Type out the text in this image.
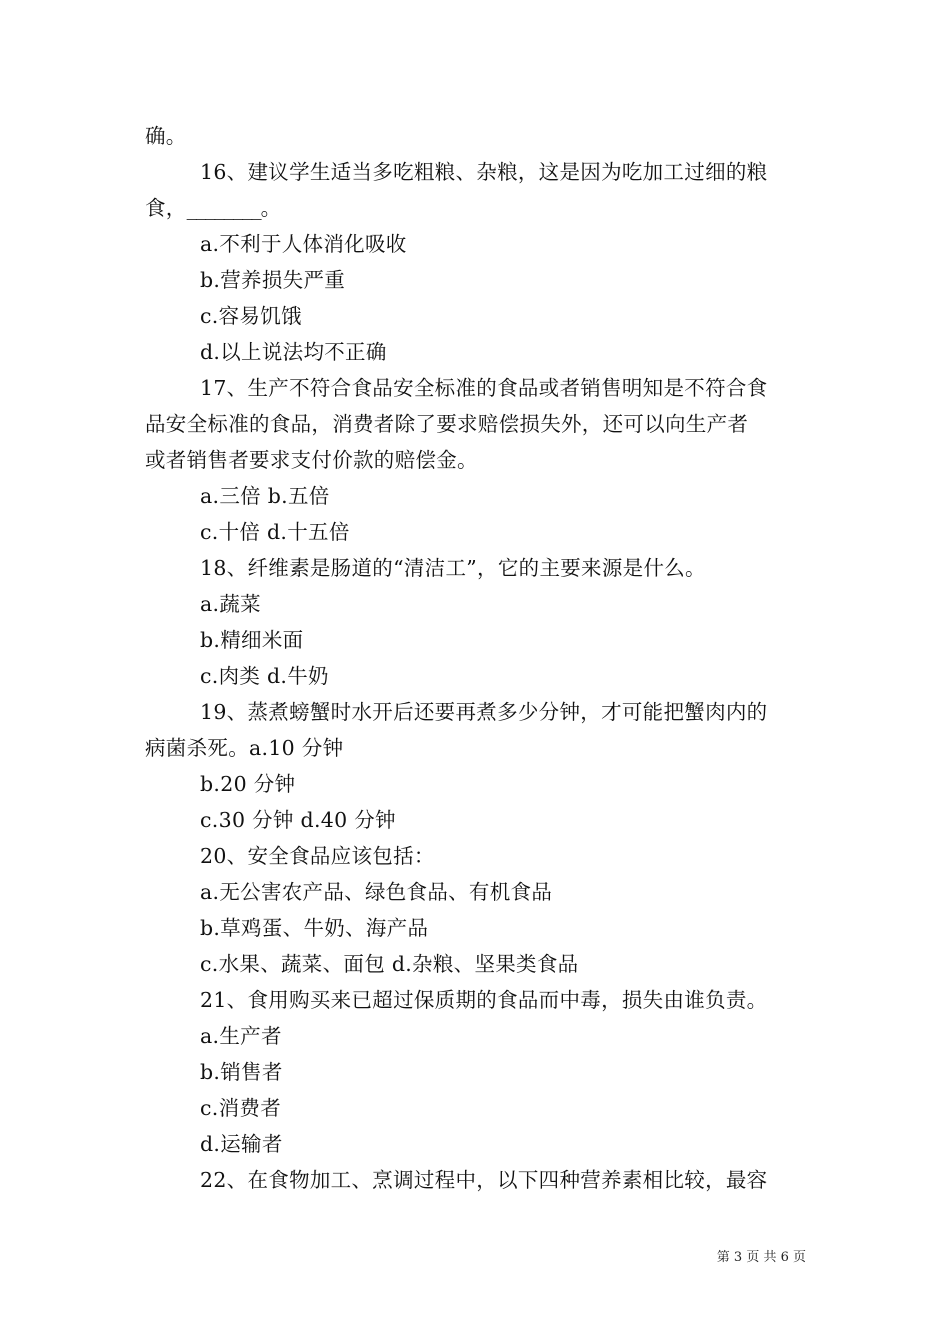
确。
16、建议学生适当多吃粗粮、杂粮，这是因为吃加工过细的粮
食，________。
a.不利于人体消化吸收
b.营养损失严重
c.容易饥饿
d.以上说法均不正确
17、生产不符合食品安全标准的食品或者销售明知是不符合食
品安全标准的食品，消费者除了要求赔偿损失外，还可以向生产者
或者销售者要求支付价款的赔偿金。
a.三倍 b.五倍
c.十倍 d.十五倍
18、纤维素是肠道的“清洁工”，它的主要来源是什么。
a.蔬菜
b.精细米面
c.肉类 d.牛奶
19、蒸煮螃蟹时水开后还要再煮多少分钟，才可能把蟹肉内的
病菌杀死。a.10 分钟
b.20 分钟
c.30 分钟 d.40 分钟
20、安全食品应该包括：
a.无公害农产品、绿色食品、有机食品
b.草鸡蛋、牛奶、海产品
c.水果、蔬菜、面包 d.杂粮、坚果类食品
21、食用购买来已超过保质期的食品而中毒，损失由谁负责。
a.生产者
b.销售者
c.消费者
d.运输者
22、在食物加工、烹调过程中，以下四种营养素相比较，最容
第 3 页 共 6 页
